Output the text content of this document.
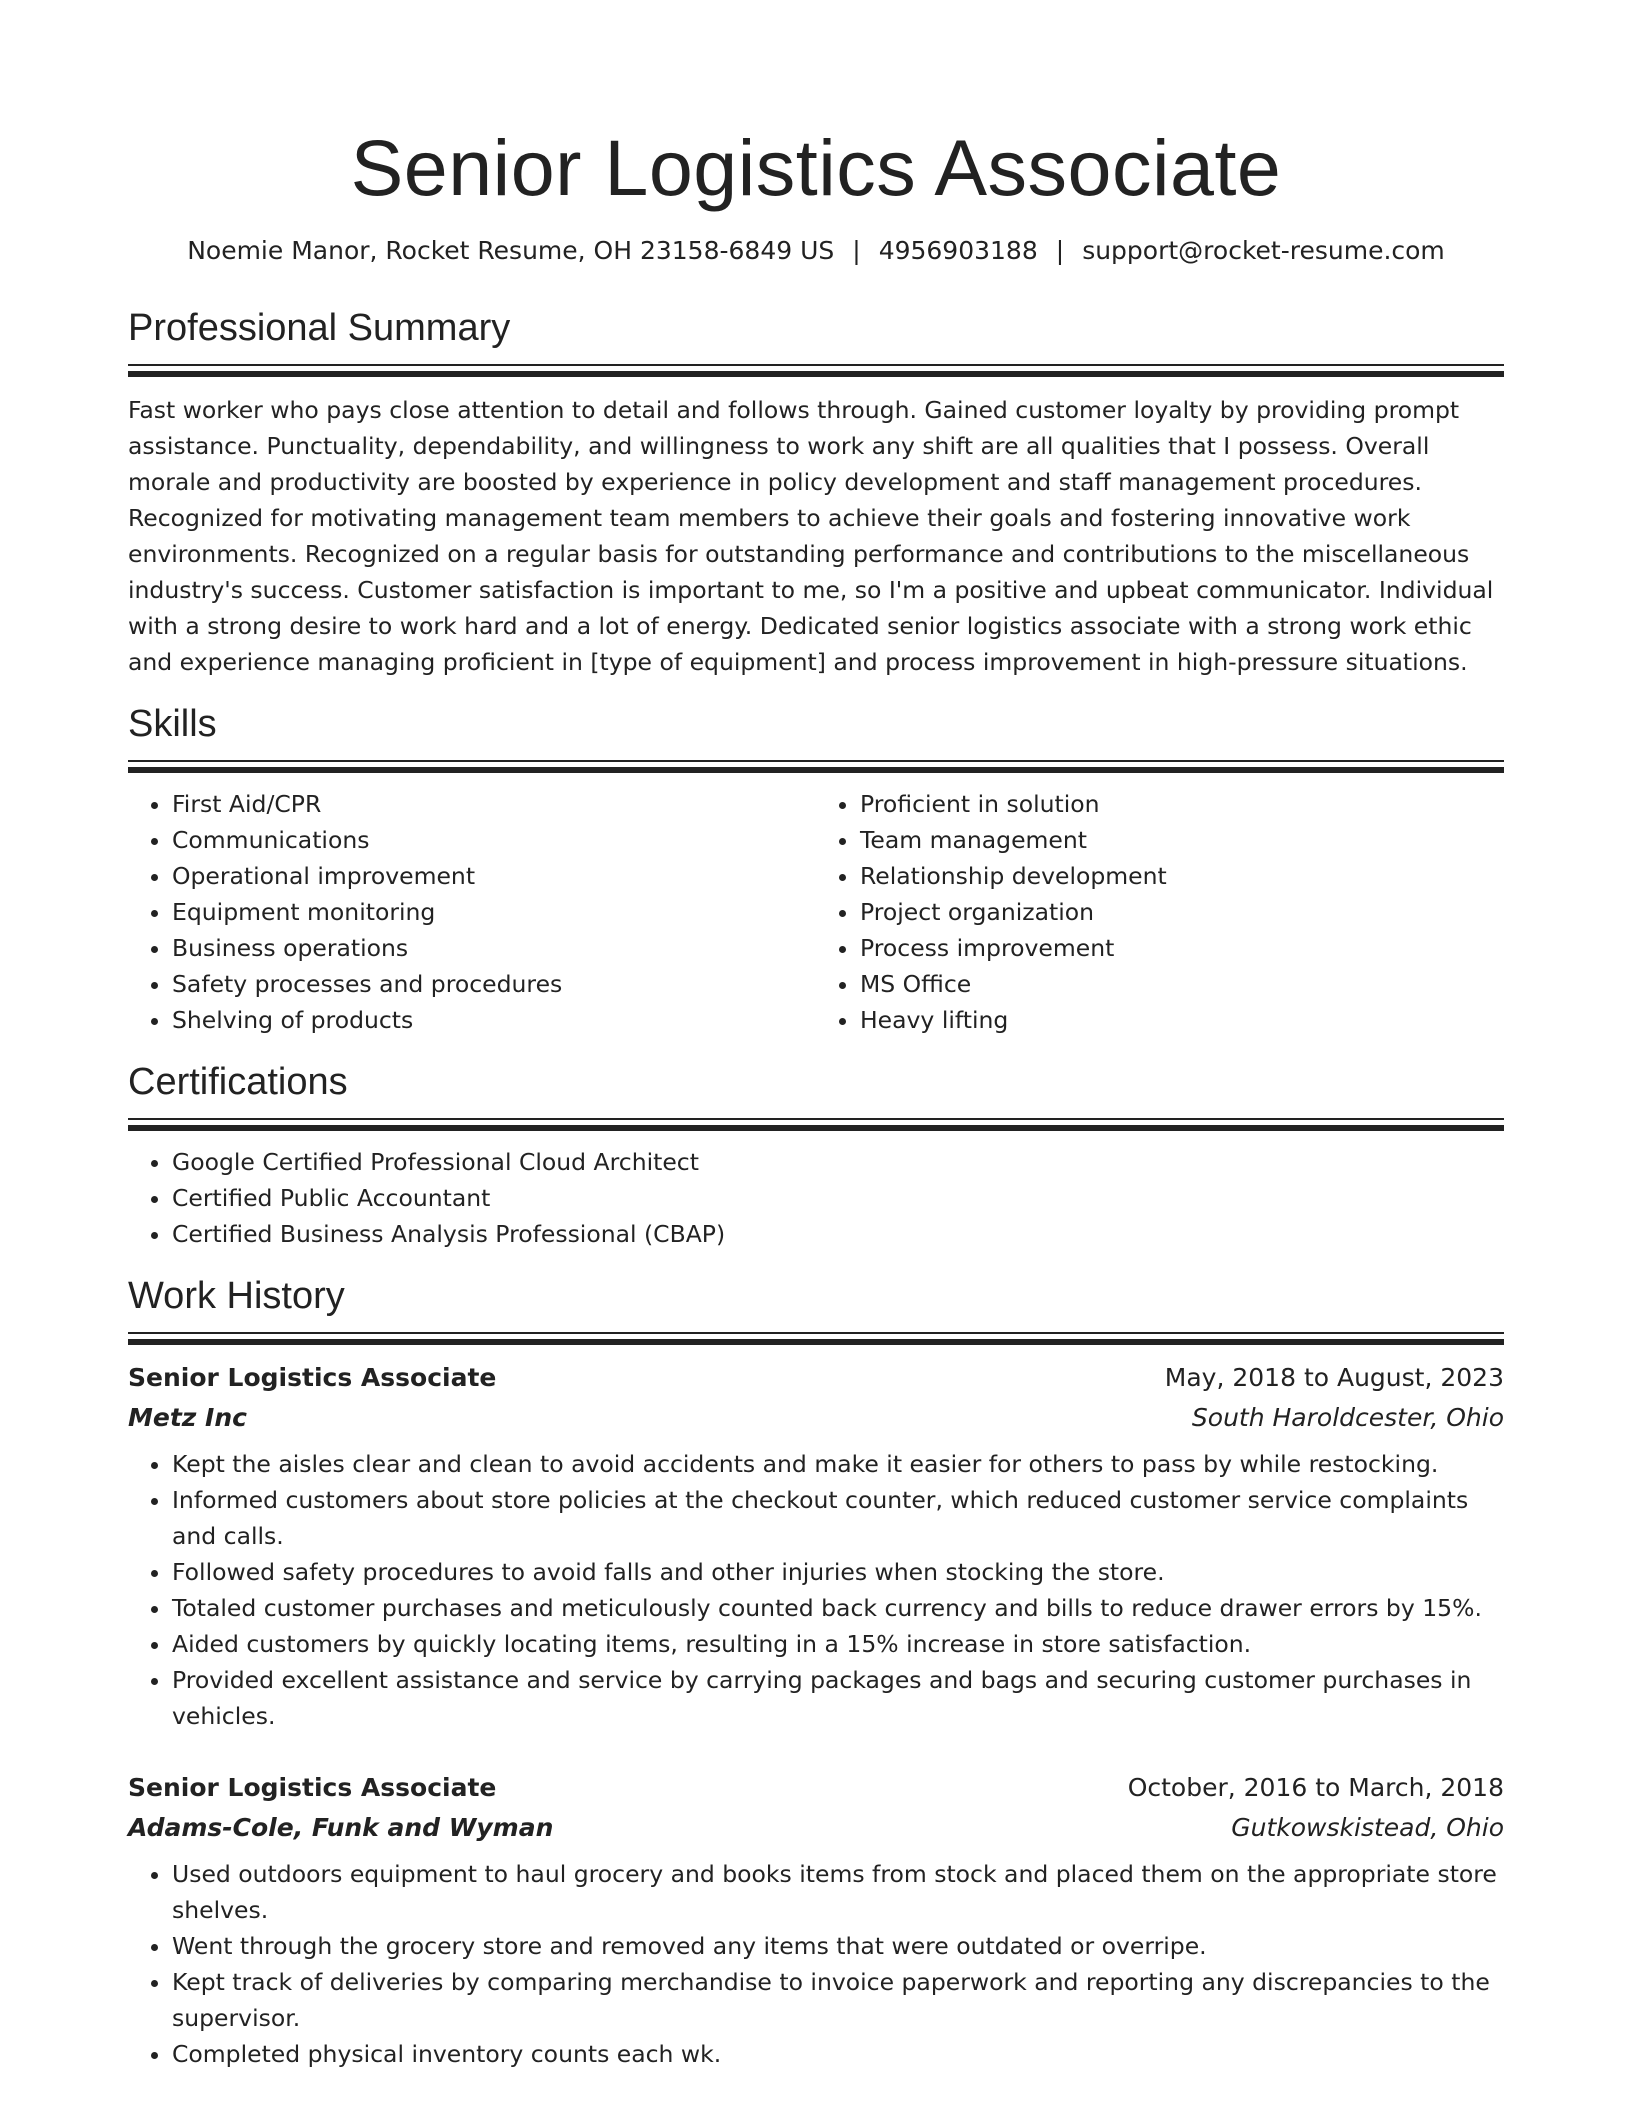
Senior Logistics Associate
Noemie Manor, Rocket Resume, OH 23158-6849 US | 4956903188 | support@rocket-resume.com
Professional Summary

Fast worker who pays close attention to detail and follows through. Gained customer loyalty by providing prompt assistance. Punctuality, dependability, and willingness to work any shift are all qualities that I possess. Overall morale and productivity are boosted by experience in policy development and staff management procedures. Recognized for motivating management team members to achieve their goals and fostering innovative work environments. Recognized on a regular basis for outstanding performance and contributions to the miscellaneous industry's success. Customer satisfaction is important to me, so I'm a positive and upbeat communicator. Individual with a strong desire to work hard and a lot of energy. Dedicated senior logistics associate with a strong work ethic and experience managing proficient in [type of equipment] and process improvement in high-pressure situations.

Skills
• First Aid/CPR
• Communications
• Operational improvement
• Equipment monitoring
• Business operations
• Safety processes and procedures
• Shelving of products
• Proficient in solution
• Team management
• Relationship development
• Project organization
• Process improvement
• MS Office
• Heavy lifting
Certifications
• Google Certified Professional Cloud Architect
• Certified Public Accountant
• Certified Business Analysis Professional (CBAP)
Work History
Senior Logistics Associate	May, 2018 to August, 2023
Metz Inc	South Haroldcester, Ohio
• Kept the aisles clear and clean to avoid accidents and make it easier for others to pass by while restocking.
• Informed customers about store policies at the checkout counter, which reduced customer service complaints and calls.
• Followed safety procedures to avoid falls and other injuries when stocking the store.
• Totaled customer purchases and meticulously counted back currency and bills to reduce drawer errors by 15%.
• Aided customers by quickly locating items, resulting in a 15% increase in store satisfaction.
• Provided excellent assistance and service by carrying packages and bags and securing customer purchases in vehicles.
Senior Logistics Associate	October, 2016 to March, 2018
Adams-Cole, Funk and Wyman	Gutkowskistead, Ohio
• Used outdoors equipment to haul grocery and books items from stock and placed them on the appropriate store shelves.
• Went through the grocery store and removed any items that were outdated or overripe.
• Kept track of deliveries by comparing merchandise to invoice paperwork and reporting any discrepancies to the supervisor.
• Completed physical inventory counts each wk.
